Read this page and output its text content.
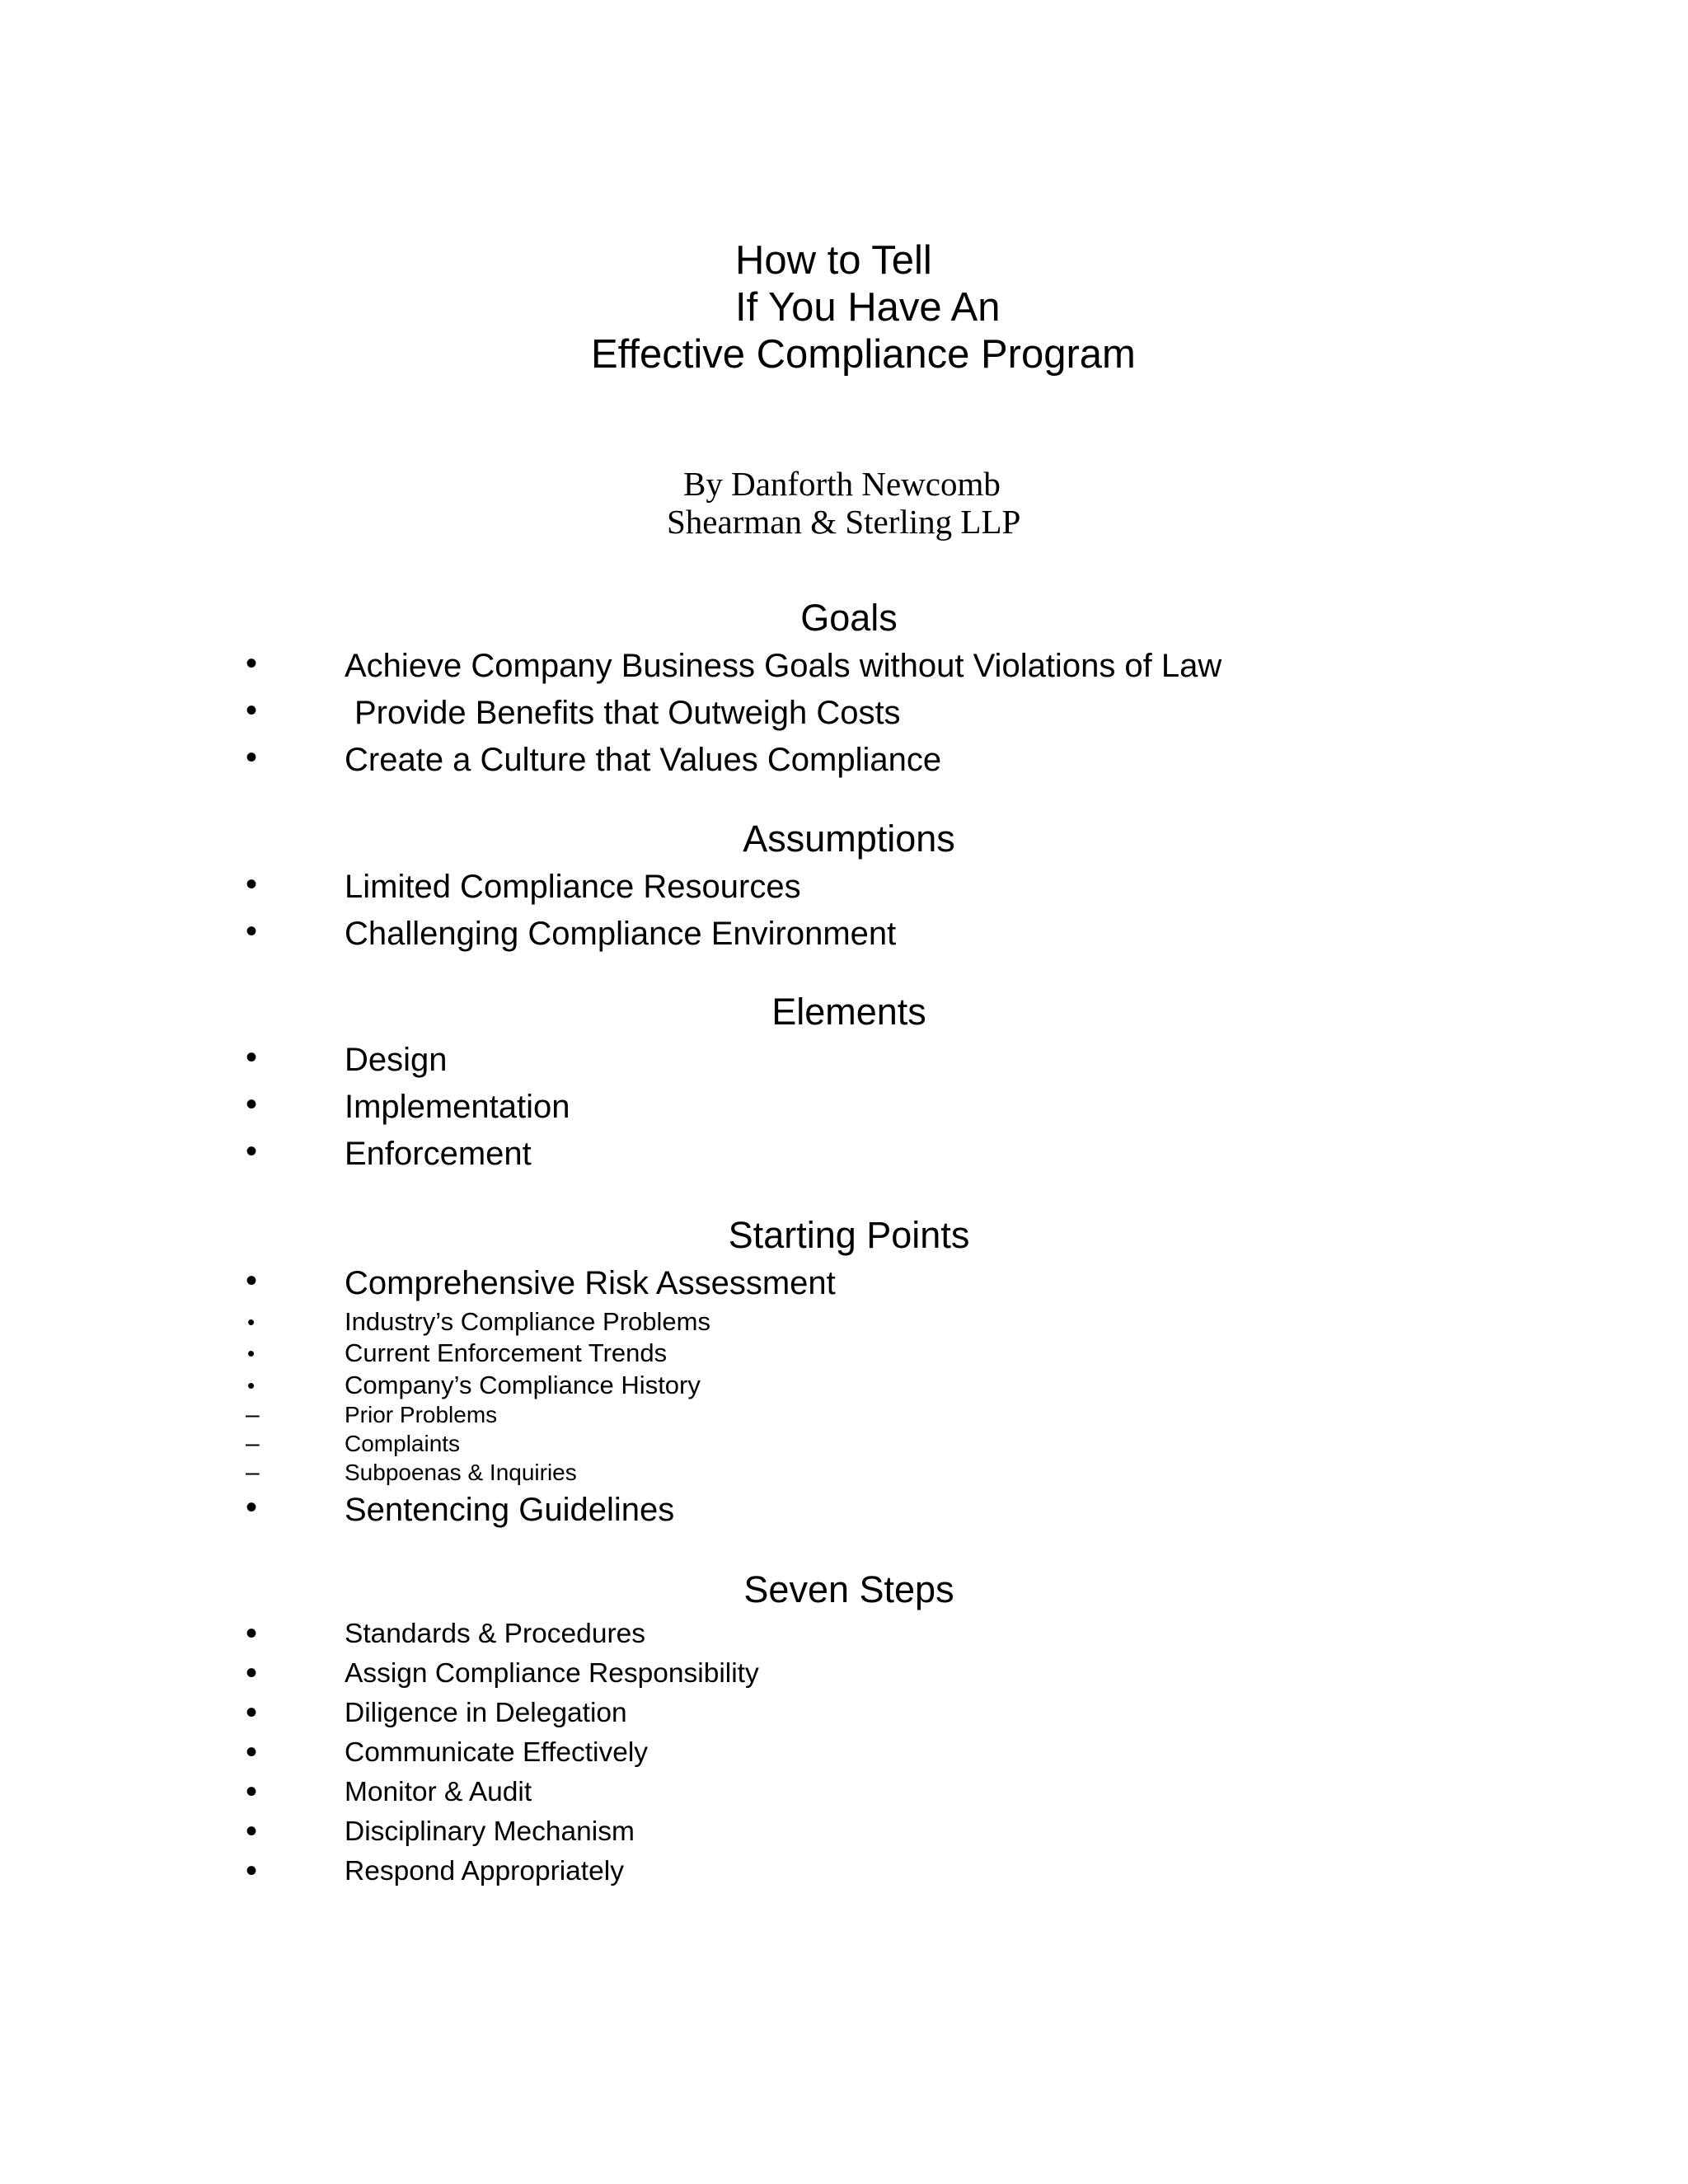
How to Tell
If You Have An
Effective Compliance Program
By Danforth Newcomb
Shearman & Sterling LLP
Goals
•	Achieve Company Business Goals without Violations of Law
•	Provide Benefits that Outweigh Costs
•	Create a Culture that Values Compliance
Assumptions
•	Limited Compliance Resources
•	Challenging Compliance Environment
Elements
•	Design
•	Implementation
•	Enforcement
Starting Points
•	Comprehensive Risk Assessment
•	Industry’s Compliance Problems
•	Current Enforcement Trends
•	Company’s Compliance History
–	Prior Problems
–	Complaints
–	Subpoenas & Inquiries
•	Sentencing Guidelines
Seven Steps
•	Standards & Procedures
•	Assign Compliance Responsibility
•	Diligence in Delegation
•	Communicate Effectively
•	Monitor & Audit
•	Disciplinary Mechanism
•	Respond Appropriately
